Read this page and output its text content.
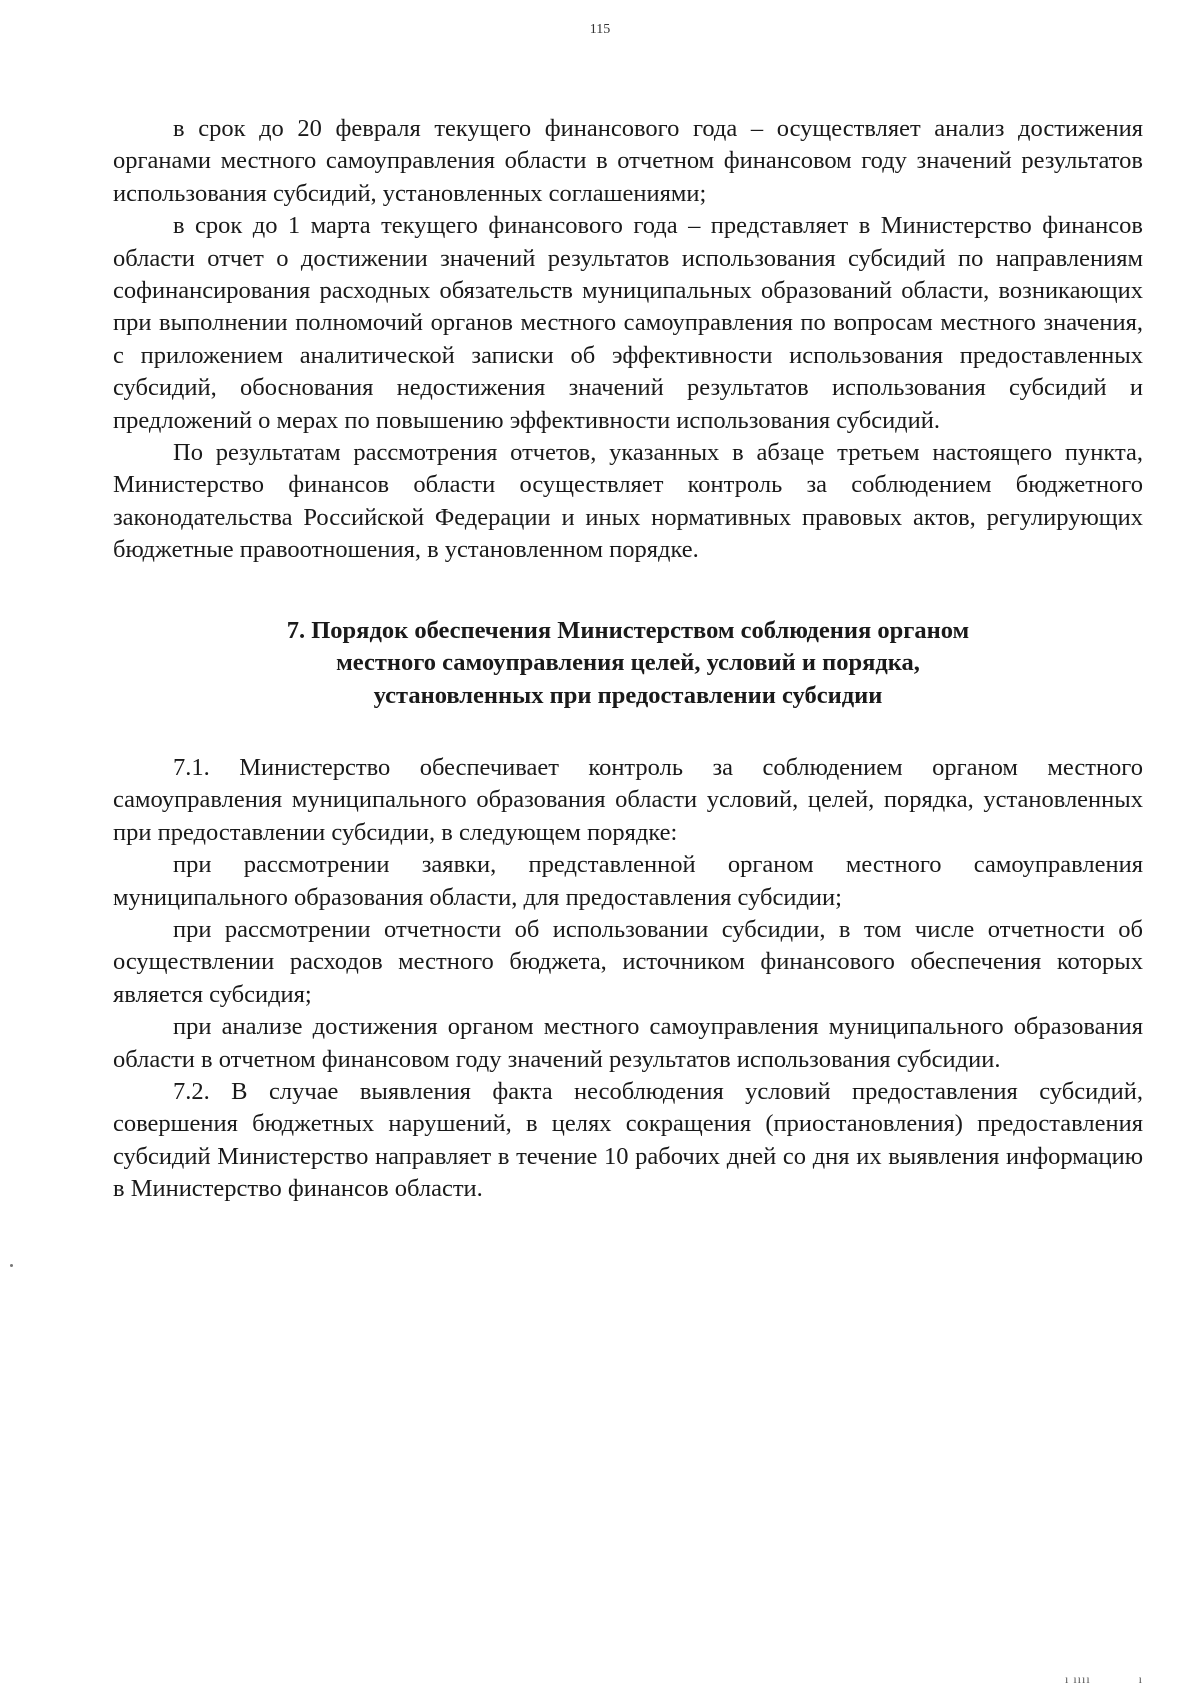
115

в срок до 20 февраля текущего финансового года – осуществляет анализ достижения органами местного самоуправления области в отчетном финансовом году значений результатов использования субсидий, установленных соглашениями;

в срок до 1 марта текущего финансового года – представляет в Министерство финансов области отчет о достижении значений результатов использования субсидий по направлениям софинансирования расходных обязательств муниципальных образований области, возникающих при выполнении полномочий органов местного самоуправления по вопросам местного значения, с приложением аналитической записки об эффективности использования предоставленных субсидий, обоснования недостижения значений результатов использования субсидий и предложений о мерах по повышению эффективности использования субсидий.

По результатам рассмотрения отчетов, указанных в абзаце третьем настоящего пункта, Министерство финансов области осуществляет контроль за соблюдением бюджетного законодательства Российской Федерации и иных нормативных правовых актов, регулирующих бюджетные правоотношения, в установленном порядке.

7. Порядок обеспечения Министерством соблюдения органом
местного самоуправления целей, условий и порядка,
установленных при предоставлении субсидии

7.1. Министерство обеспечивает контроль за соблюдением органом местного самоуправления муниципального образования области условий, целей, порядка, установленных при предоставлении субсидии, в следующем порядке:

при рассмотрении заявки, представленной органом местного самоуправления муниципального образования области, для предоставления субсидии;

при рассмотрении отчетности об использовании субсидии, в том числе отчетности об осуществлении расходов местного бюджета, источником финансового обеспечения которых является субсидия;

при анализе достижения органом местного самоуправления муниципального образования области в отчетном финансовом году значений результатов использования субсидии.

7.2. В случае выявления факта несоблюдения условий предоставления субсидий, совершения бюджетных нарушений, в целях сокращения (приостановления) предоставления субсидий Министерство направляет в течение 10 рабочих дней со дня их выявления информацию в Министерство финансов области.

ı ıııı	ı
